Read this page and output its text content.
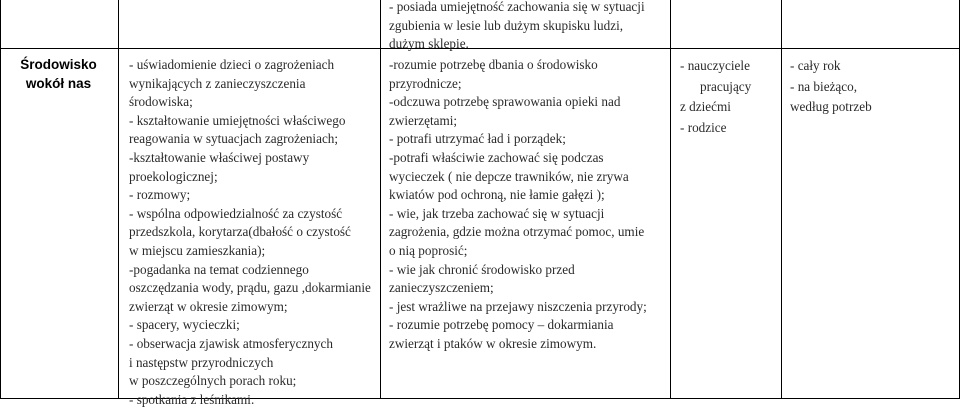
- posiada umiejętność zachowania się w sytuacji
zgubienia w lesie lub dużym skupisku ludzi,
dużym sklepie.
Środowisko
wokół nas
- uświadomienie dzieci o zagrożeniach
wynikających z zanieczyszczenia
środowiska;
- kształtowanie umiejętności właściwego
reagowania w sytuacjach zagrożeniach;
-kształtowanie właściwej postawy
proekologicznej;
- rozmowy;
- wspólna odpowiedzialność za czystość
przedszkola, korytarza(dbałość o czystość
w miejscu zamieszkania);
-pogadanka na temat codziennego
oszczędzania wody, prądu, gazu ,dokarmianie
zwierząt w okresie zimowym;
- spacery, wycieczki;
- obserwacja zjawisk atmosferycznych
i następstw przyrodniczych
w poszczególnych porach roku;
- spotkania z leśnikami.
-rozumie potrzebę dbania o środowisko
przyrodnicze;
-odczuwa potrzebę sprawowania opieki nad
zwierzętami;
- potrafi utrzymać ład i porządek;
-potrafi właściwie zachować się podczas
wycieczek ( nie depcze trawników, nie zrywa
kwiatów pod ochroną, nie łamie gałęzi );
- wie, jak trzeba zachować się w sytuacji
zagrożenia, gdzie można otrzymać pomoc, umie
o nią poprosić;
- wie jak chronić środowisko przed
zanieczyszczeniem;
- jest wrażliwe na przejawy niszczenia przyrody;
- rozumie potrzebę pomocy – dokarmiania
zwierząt i ptaków w okresie zimowym.
- nauczyciele
pracujący
z dziećmi
- rodzice
- cały rok
- na bieżąco,
według potrzeb
